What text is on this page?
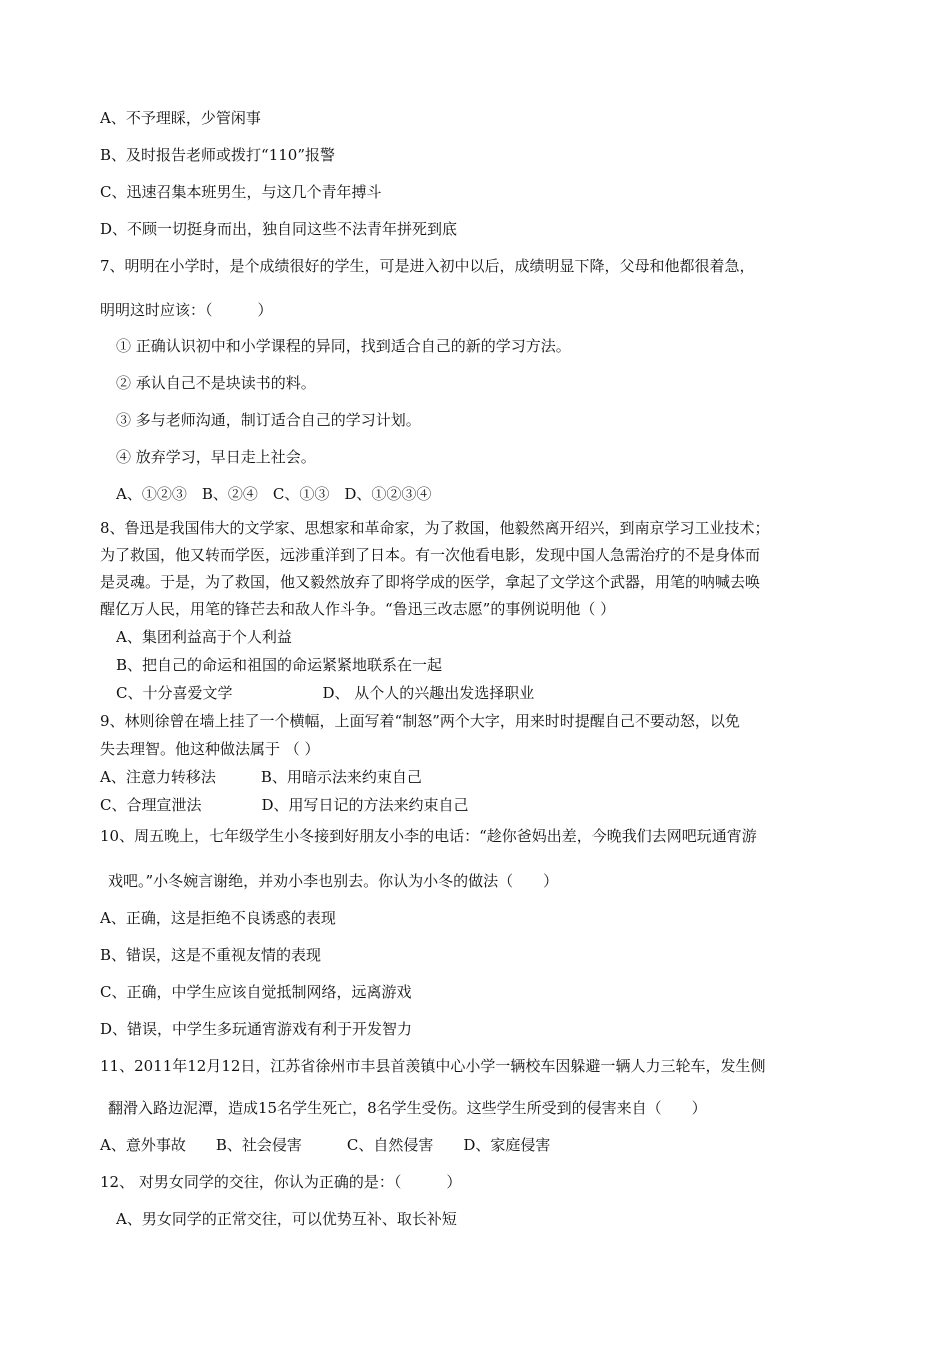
A、不予理睬，少管闲事
B、及时报告老师或拨打“110”报警
C、迅速召集本班男生，与这几个青年搏斗
D、不顾一切挺身而出，独自同这些不法青年拼死到底
7、明明在小学时，是个成绩很好的学生，可是进入初中以后，成绩明显下降，父母和他都很着急，
明明这时应该：（　　　）
① 正确认识初中和小学课程的异同，找到适合自己的新的学习方法。
② 承认自己不是块读书的料。
③ 多与老师沟通，制订适合自己的学习计划。
④ 放弃学习，早日走上社会。
A、①②③　B、②④　C、①③　D、①②③④
8、鲁迅是我国伟大的文学家、思想家和革命家，为了救国，他毅然离开绍兴，到南京学习工业技术；
为了救国，他又转而学医，远涉重洋到了日本。有一次他看电影，发现中国人急需治疗的不是身体而
是灵魂。于是，为了救国，他又毅然放弃了即将学成的医学，拿起了文学这个武器，用笔的呐喊去唤
醒亿万人民，用笔的锋芒去和敌人作斗争。“鲁迅三改志愿”的事例说明他（ ）
A、集团利益高于个人利益
B、把自己的命运和祖国的命运紧紧地联系在一起
C、十分喜爱文学　　　　　　D、 从个人的兴趣出发选择职业
9、林则徐曾在墙上挂了一个横幅，上面写着“制怒”两个大字，用来时时提醒自己不要动怒，以免
失去理智。他这种做法属于 （ ）
A、注意力转移法　　　B、用暗示法来约束自己
C、合理宣泄法　　　　D、用写日记的方法来约束自己
10、周五晚上，七年级学生小冬接到好朋友小李的电话：“趁你爸妈出差，今晚我们去网吧玩通宵游
戏吧。”小冬婉言谢绝，并劝小李也别去。你认为小冬的做法（　　）
A、正确，这是拒绝不良诱惑的表现
B、错误，这是不重视友情的表现
C、正确，中学生应该自觉抵制网络，远离游戏
D、错误，中学生多玩通宵游戏有利于开发智力
11、2011年12月12日，江苏省徐州市丰县首羡镇中心小学一辆校车因躲避一辆人力三轮车，发生侧
翻滑入路边泥潭，造成15名学生死亡，8名学生受伤。这些学生所受到的侵害来自（　　）
A、意外事故　　B、社会侵害　　　C、自然侵害　　D、家庭侵害
12、 对男女同学的交往，你认为正确的是：（　　　）
A、男女同学的正常交往，可以优势互补、取长补短
